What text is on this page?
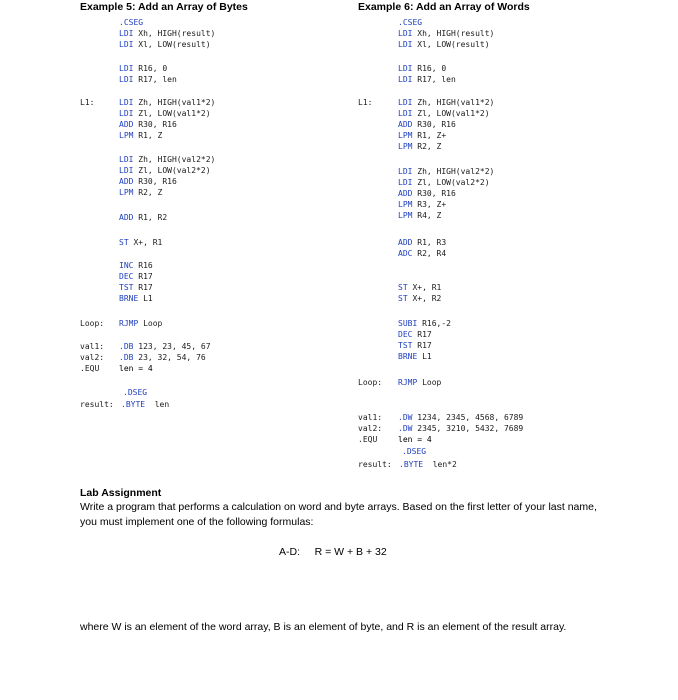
Example 5: Add an Array of Bytes
.CSEG
LDI Xh, HIGH(result)
LDI Xl, LOW(result)
LDI R16, 0
LDI R17, len
L1:	LDI Zh, HIGH(val1*2)
LDI Zl, LOW(val1*2)
ADD R30, R16
LPM R1, Z
LDI Zh, HIGH(val2*2)
LDI Zl, LOW(val2*2)
ADD R30, R16
LPM R2, Z
ADD R1, R2
ST X+, R1
INC R16
DEC R17
TST R17
BRNE L1
Loop: RJMP Loop
val1: .DB 123, 23, 45, 67
val2: .DB 23, 32, 54, 76
.EQU len = 4
.DSEG
result: .BYTE  len
Example 6: Add an Array of Words
.CSEG
LDI Xh, HIGH(result)
LDI Xl, LOW(result)
LDI R16, 0
LDI R17, len
L1:	LDI Zh, HIGH(val1*2)
LDI Zl, LOW(val1*2)
ADD R30, R16
LPM R1, Z+
LPM R2, Z
LDI Zh, HIGH(val2*2)
LDI Zl, LOW(val2*2)
ADD R30, R16
LPM R3, Z+
LPM R4, Z
ADD R1, R3
ADC R2, R4
ST X+, R1
ST X+, R2
SUBI R16,-2
DEC R17
TST R17
BRNE L1
Loop: RJMP Loop
val1: .DW 1234, 2345, 4568, 6789
val2: .DW 2345, 3210, 5432, 7689
.EQU	len = 4
.DSEG
result: .BYTE  len*2
Lab Assignment
Write a program that performs a calculation on word and byte arrays. Based on the first letter of your last name, you must implement one of the following formulas:
A-D: R = W + B + 32
where W is an element of the word array, B is an element of byte, and R is an element of the result array.
